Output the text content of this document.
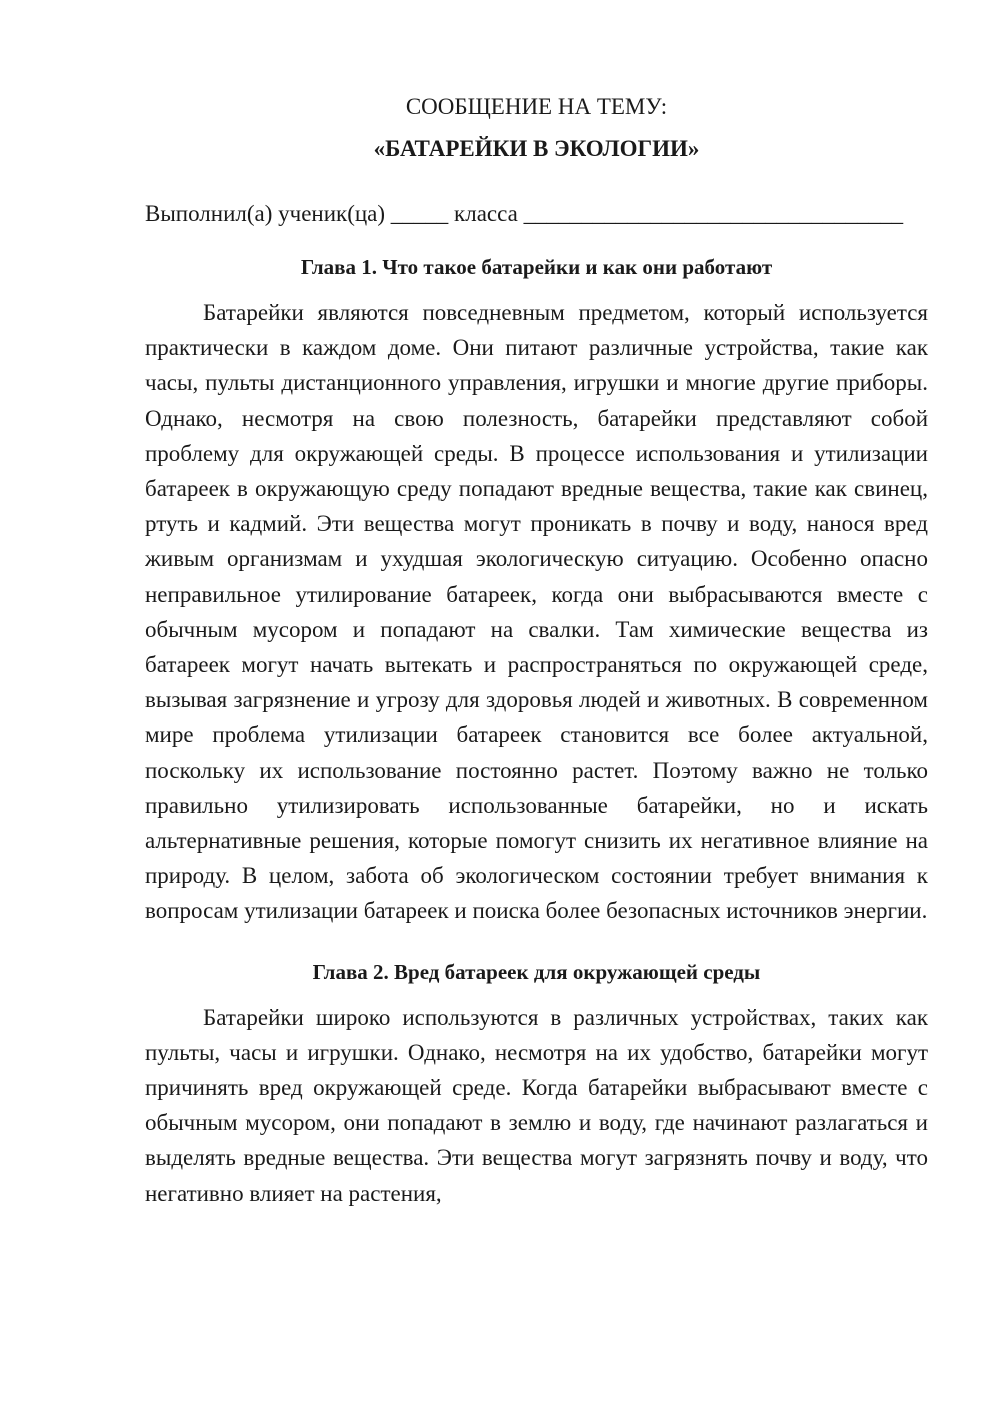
СООБЩЕНИЕ НА ТЕМУ:

«БАТАРЕЙКИ В ЭКОЛОГИИ»

Выполнил(а) ученик(ца) _____ класса _________________________________

Глава 1. Что такое батарейки и как они работают

Батарейки являются повседневным предметом, который используется практически в каждом доме. Они питают различные устройства, такие как часы, пульты дистанционного управления, игрушки и многие другие приборы. Однако, несмотря на свою полезность, батарейки представляют собой проблему для окружающей среды. В процессе использования и утилизации батареек в окружающую среду попадают вредные вещества, такие как свинец, ртуть и кадмий. Эти вещества могут проникать в почву и воду, нанося вред живым организмам и ухудшая экологическую ситуацию. Особенно опасно неправильное утилирование батареек, когда они выбрасываются вместе с обычным мусором и попадают на свалки. Там химические вещества из батареек могут начать вытекать и распространяться по окружающей среде, вызывая загрязнение и угрозу для здоровья людей и животных. В современном мире проблема утилизации батареек становится все более актуальной, поскольку их использование постоянно растет. Поэтому важно не только правильно утилизировать использованные батарейки, но и искать альтернативные решения, которые помогут снизить их негативное влияние на природу. В целом, забота об экологическом состоянии требует внимания к вопросам утилизации батареек и поиска более безопасных источников энергии.

Глава 2. Вред батареек для окружающей среды

Батарейки широко используются в различных устройствах, таких как пульты, часы и игрушки. Однако, несмотря на их удобство, батарейки могут причинять вред окружающей среде. Когда батарейки выбрасывают вместе с обычным мусором, они попадают в землю и воду, где начинают разлагаться и выделять вредные вещества. Эти вещества могут загрязнять почву и воду, что негативно влияет на растения,
